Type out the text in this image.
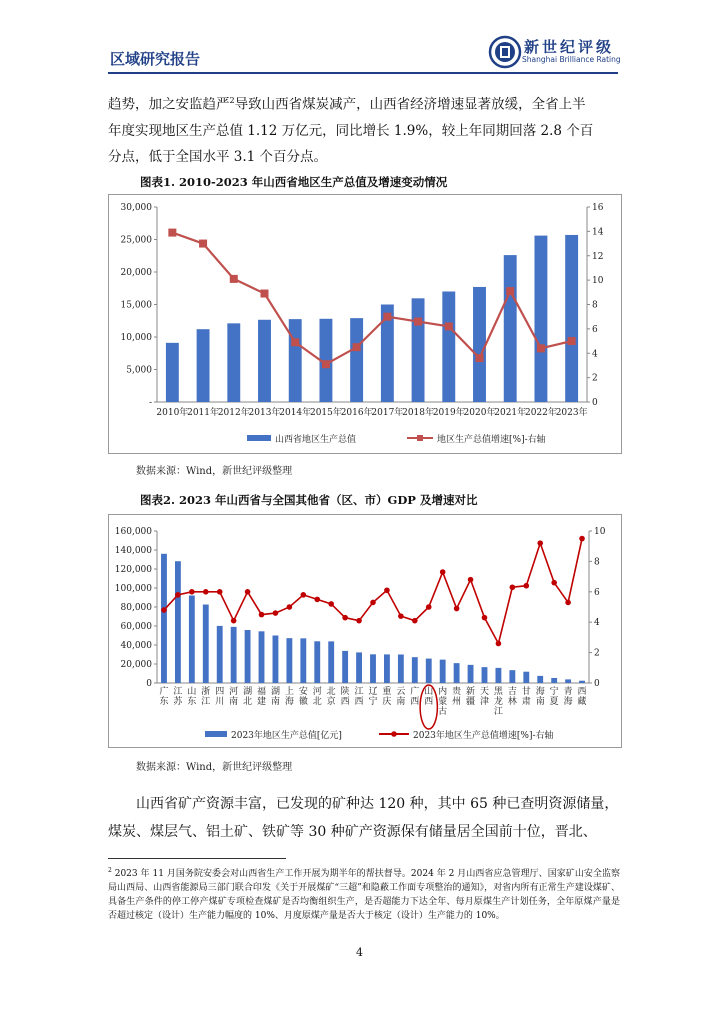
区域研究报告
新世纪评级
Shanghai Brilliance Rating

趋势，加之安监趋严$^2$导致山西省煤炭减产，山西省经济增速显著放缓，全省上半

年度实现地区生产总值 1.12 万亿元，同比增长 1.9%，较上年同期回落 2.8 个百

分点，低于全国水平 3.1 个百分点。

图表1. 2010-2023 年山西省地区生产总值及增速变动情况
-
5,000
10,000
15,000
20,000
25,000
30,000
0
2
4
6
8
10
12
14
16
2010年
2011年
2012年
2013年
2014年
2015年
2016年
2017年
2018年
2019年
2020年
2021年
2022年
2023年
山西省地区生产总值	地区生产总值增速[%]-右轴
数据来源：Wind，新世纪评级整理
图表2. 2023 年山西省与全国其他省（区、市）GDP 及增速对比
0
20,000
40,000
60,000
80,000
100,000
120,000
140,000
160,000
0
2
4
6
8
10
广东
江苏
山东
浙江
四川
河南
湖北
福建
湖南
上海
安徽
河北
北京
陕西
江西
辽宁
重庆
云南
广西
山西
内蒙古
贵州
新疆
天津
黑龙江
吉林
甘肃
海南
宁夏
青海
西藏
2023年地区生产总值[亿元]	2023年地区生产总值增速[%]-右轴
数据来源：Wind，新世纪评级整理

山西省矿产资源丰富，已发现的矿种达 120 种，其中 65 种已查明资源储量，

煤炭、煤层气、铝土矿、铁矿等 30 种矿产资源保有储量居全国前十位，晋北、

$^2$ 2023 年 11 月国务院安委会对山西省生产工作开展为期半年的帮扶督导。2024 年 2 月山西省应急管理厅、国家矿山安全监察局山西局、山西省能源局三部门联合印发《关于开展煤矿“三超”和隐蔽工作面专项整治的通知》，对省内所有正常生产建设煤矿、具备生产条件的停工停产煤矿专项检查煤矿是否均衡组织生产，是否超能力下达全年、每月原煤生产计划任务，全年原煤产量是否超过核定（设计）生产能力幅度的 10%、月度原煤产量是否大于核定（设计）生产能力的 10%。
4
